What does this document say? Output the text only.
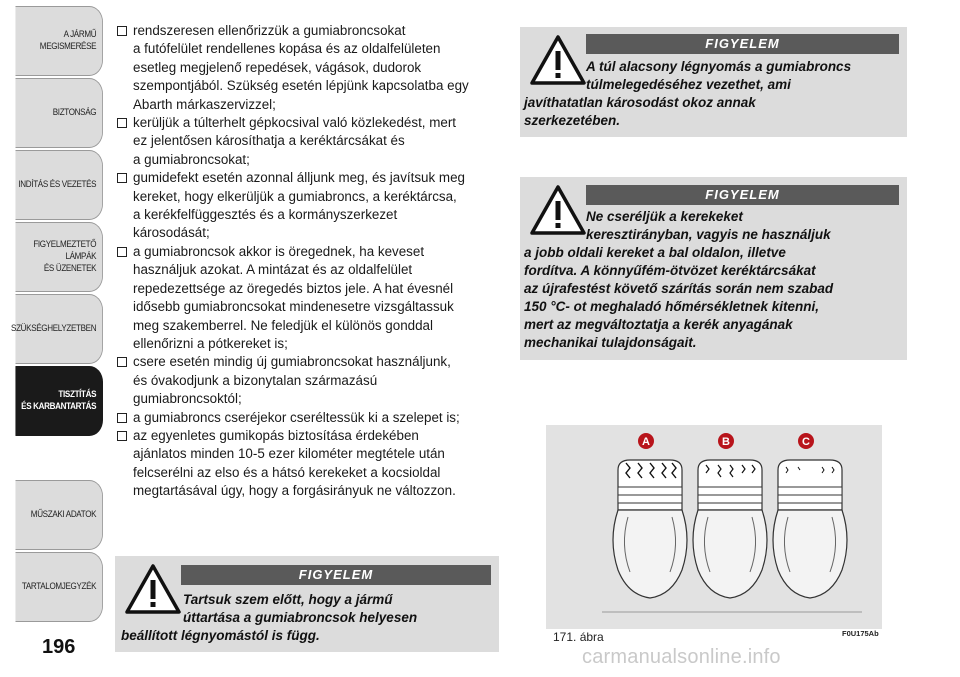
A JÁRMŰ
MEGISMERÉSE
BIZTONSÁG
INDÍTÁS ÉS VEZETÉS
FIGYELMEZTETŐ
LÁMPÁK
ÉS ÜZENETEK
SZÜKSÉGHELYZETBEN
TISZTÍTÁS
ÉS KARBANTARTÁS
MŰSZAKI ADATOK
TARTALOMJEGYZÉK
196
rendszeresen ellenőrizzük a gumiabroncsokat
a futófelület rendellenes kopása és az oldalfelületen
esetleg megjelenő repedések, vágások, dudorok
szempontjából. Szükség esetén lépjünk kapcsolatba egy
Abarth márkaszervizzel;
kerüljük a túlterhelt gépkocsival való közlekedést, mert
ez jelentősen károsíthatja a keréktárcsákat és
a gumiabroncsokat;
gumidefekt esetén azonnal álljunk meg, és javítsuk meg
kereket, hogy elkerüljük a gumiabroncs, a keréktárcsa,
a kerékfelfüggesztés és a kormányszerkezet
károsodását;
a gumiabroncsok akkor is öregednek, ha keveset
használjuk azokat. A mintázat és az oldalfelület
repedezettsége az öregedés biztos jele. A hat évesnél
idősebb gumiabroncsokat mindenesetre vizsgáltassuk
meg szakemberrel. Ne feledjük el különös gonddal
ellenőrizni a pótkereket is;
csere esetén mindig új gumiabroncsokat használjunk,
és óvakodjunk a bizonytalan származású
gumiabroncsoktól;
a gumiabroncs cseréjekor cseréltessük ki a szelepet is;
az egyenletes gumikopás biztosítása érdekében
ajánlatos minden 10-5 ezer kilométer megtétele után
felcserélni az elso és a hátsó kerekeket a kocsioldal
megtartásával úgy, hogy a forgásirányuk ne változzon.
FIGYELEM
Tartsuk szem előtt, hogy a jármű
úttartása a gumiabroncsok helyesen
beállított légnyomástól is függ.
FIGYELEM
A túl alacsony légnyomás a gumiabroncs
túlmelegedéséhez vezethet, ami
javíthatatlan károsodást okoz annak
szerkezetében.
FIGYELEM
Ne cseréljük a kerekeket
keresztirányban, vagyis ne használjuk
a jobb oldali kereket a bal oldalon, illetve
fordítva. A könnyűfém-ötvözet keréktárcsákat
az újrafestést követő szárítás során nem szabad
150 °C- ot meghaladó hőmérsékletnek kitenni,
mert az megváltoztatja a kerék anyagának
mechanikai tulajdonságait.
A	B	C
171. ábra	F0U175Ab
carmanualsonline.info
